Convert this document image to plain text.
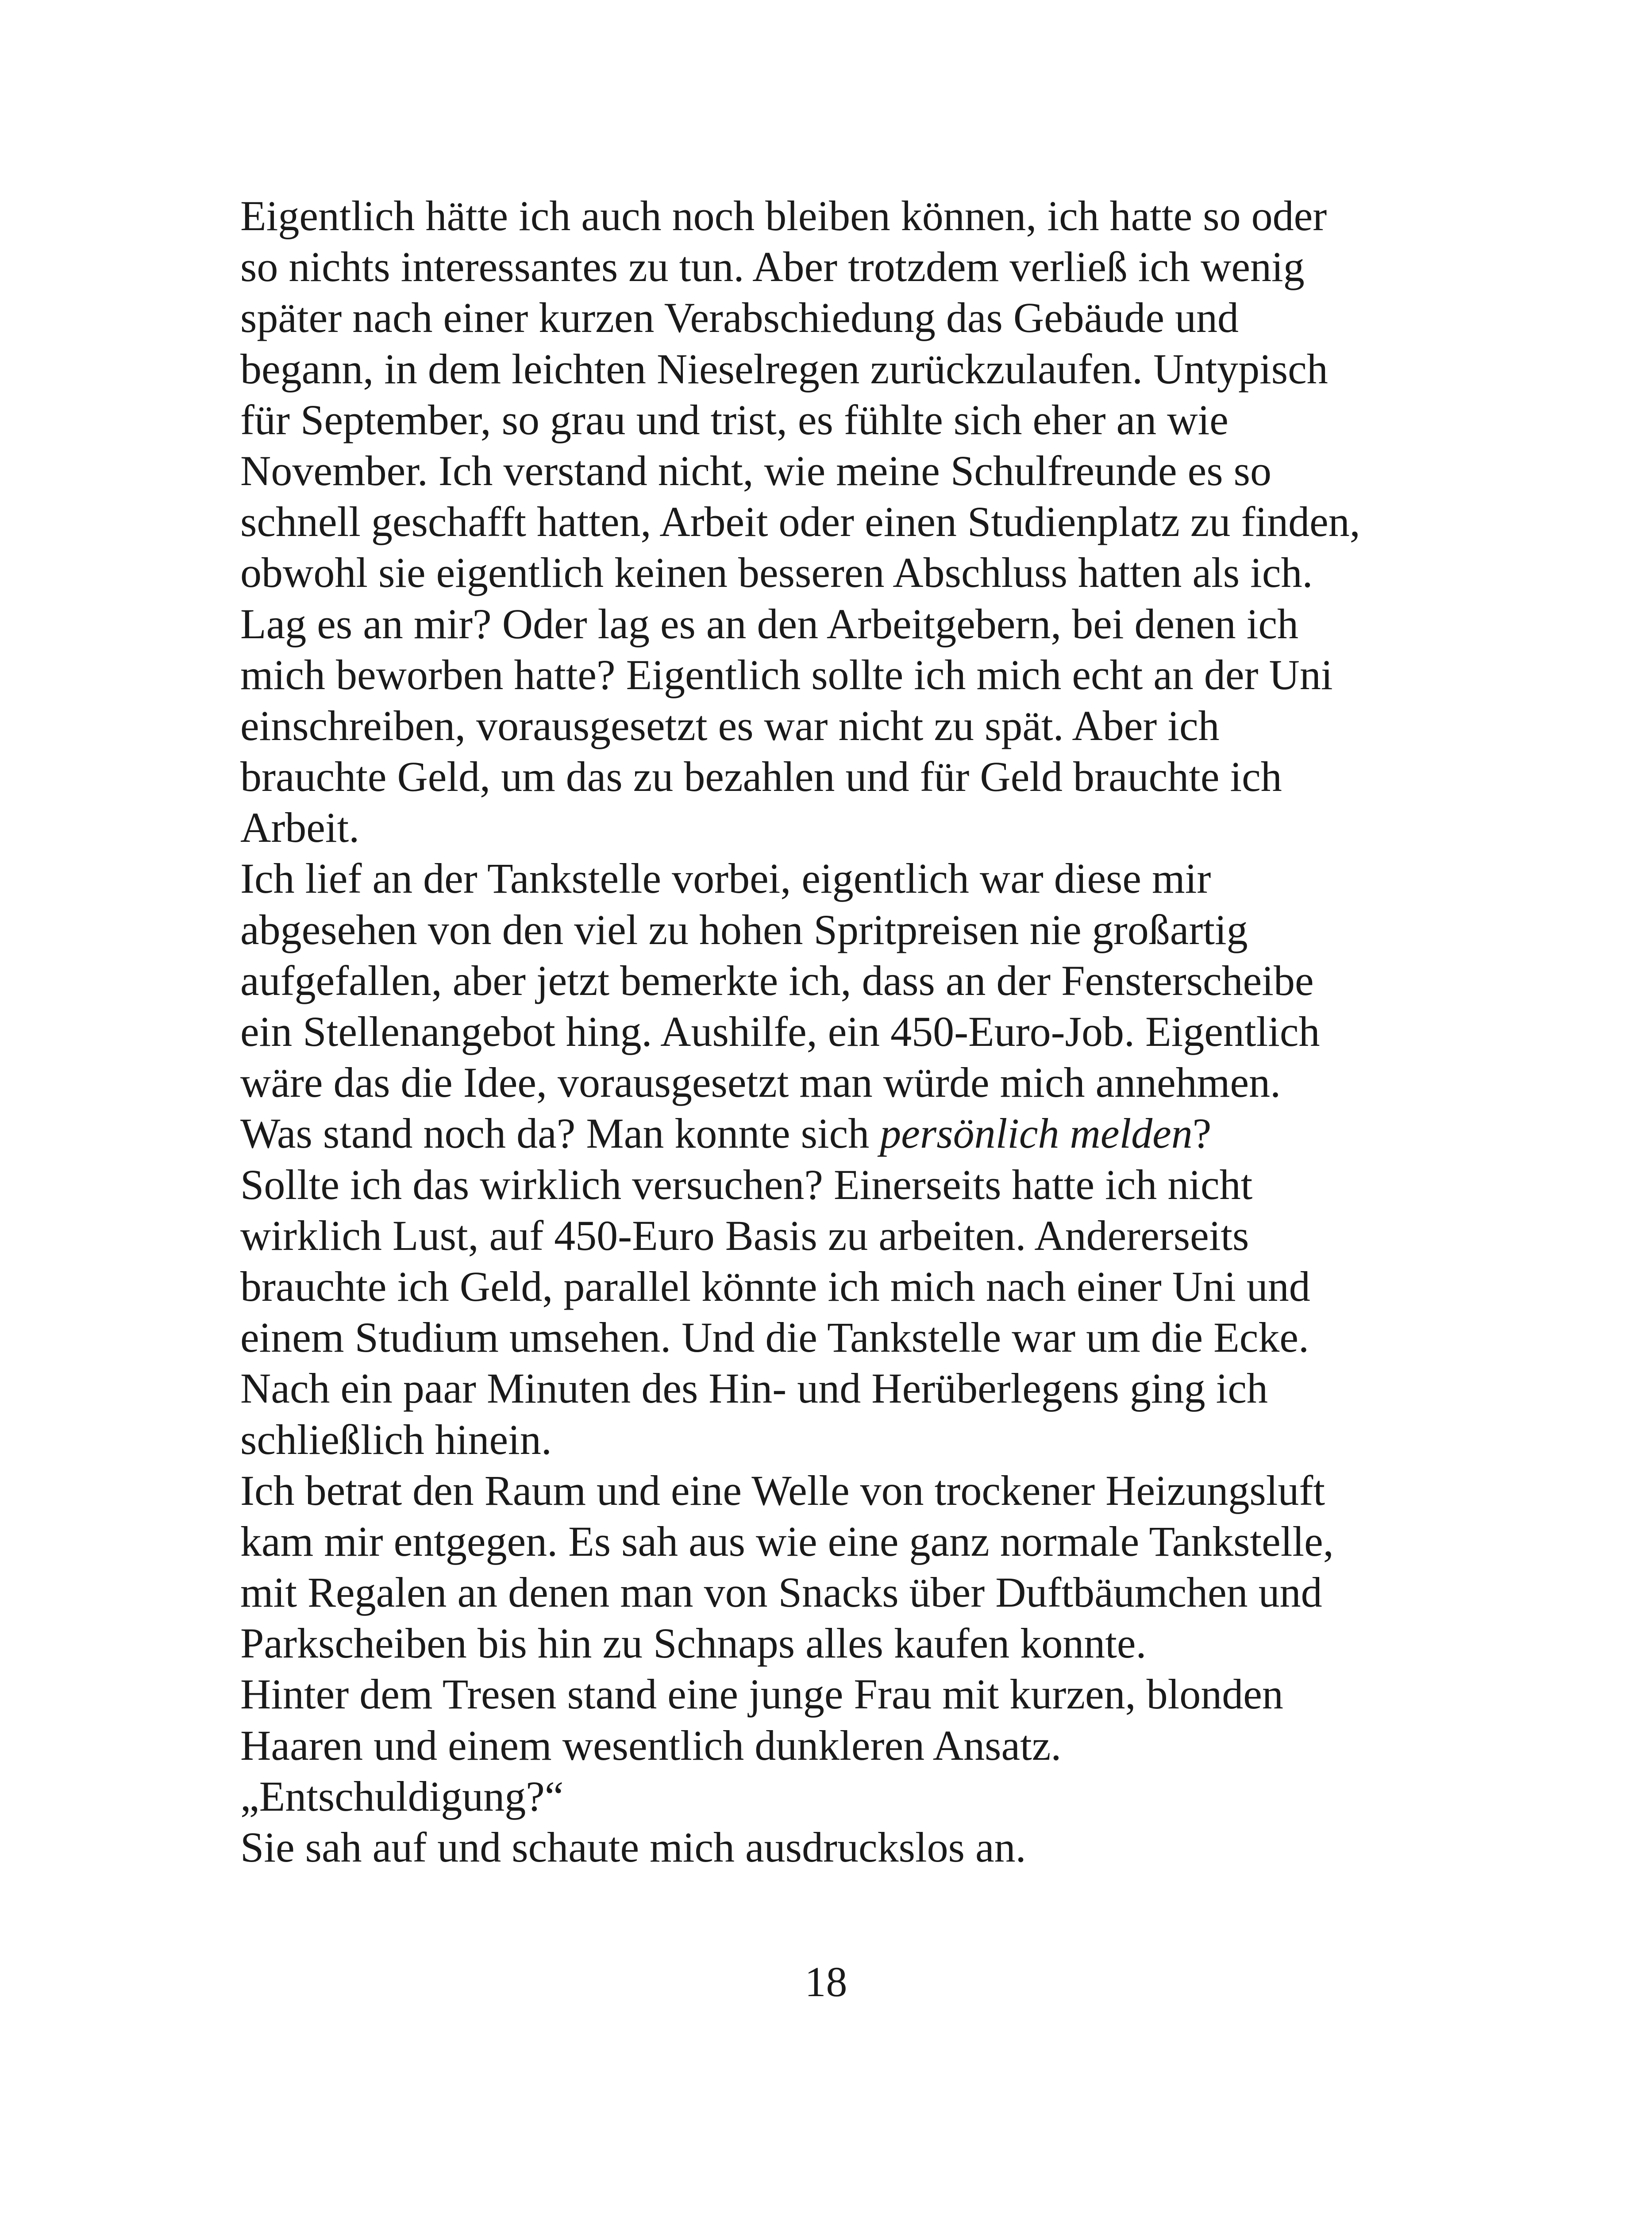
Eigentlich hätte ich auch noch bleiben können, ich hatte so oder
so nichts interessantes zu tun. Aber trotzdem verließ ich wenig
später nach einer kurzen Verabschiedung das Gebäude und
begann, in dem leichten Nieselregen zurückzulaufen. Untypisch
für September, so grau und trist, es fühlte sich eher an wie
November. Ich verstand nicht, wie meine Schulfreunde es so
schnell geschafft hatten, Arbeit oder einen Studienplatz zu finden,
obwohl sie eigentlich keinen besseren Abschluss hatten als ich.
Lag es an mir? Oder lag es an den Arbeitgebern, bei denen ich
mich beworben hatte? Eigentlich sollte ich mich echt an der Uni
einschreiben, vorausgesetzt es war nicht zu spät. Aber ich
brauchte Geld, um das zu bezahlen und für Geld brauchte ich
Arbeit.

Ich lief an der Tankstelle vorbei, eigentlich war diese mir
abgesehen von den viel zu hohen Spritpreisen nie großartig
aufgefallen, aber jetzt bemerkte ich, dass an der Fensterscheibe
ein Stellenangebot hing. Aushilfe, ein 450-Euro-Job. Eigentlich
wäre das die Idee, vorausgesetzt man würde mich annehmen.
Was stand noch da? Man konnte sich persönlich melden?
Sollte ich das wirklich versuchen? Einerseits hatte ich nicht
wirklich Lust, auf 450-Euro Basis zu arbeiten. Andererseits
brauchte ich Geld, parallel könnte ich mich nach einer Uni und
einem Studium umsehen. Und die Tankstelle war um die Ecke.
Nach ein paar Minuten des Hin- und Herüberlegens ging ich
schließlich hinein.

Ich betrat den Raum und eine Welle von trockener Heizungsluft
kam mir entgegen. Es sah aus wie eine ganz normale Tankstelle,
mit Regalen an denen man von Snacks über Duftbäumchen und
Parkscheiben bis hin zu Schnaps alles kaufen konnte.

Hinter dem Tresen stand eine junge Frau mit kurzen, blonden
Haaren und einem wesentlich dunkleren Ansatz.

„Entschuldigung?“

Sie sah auf und schaute mich ausdruckslos an.

18
